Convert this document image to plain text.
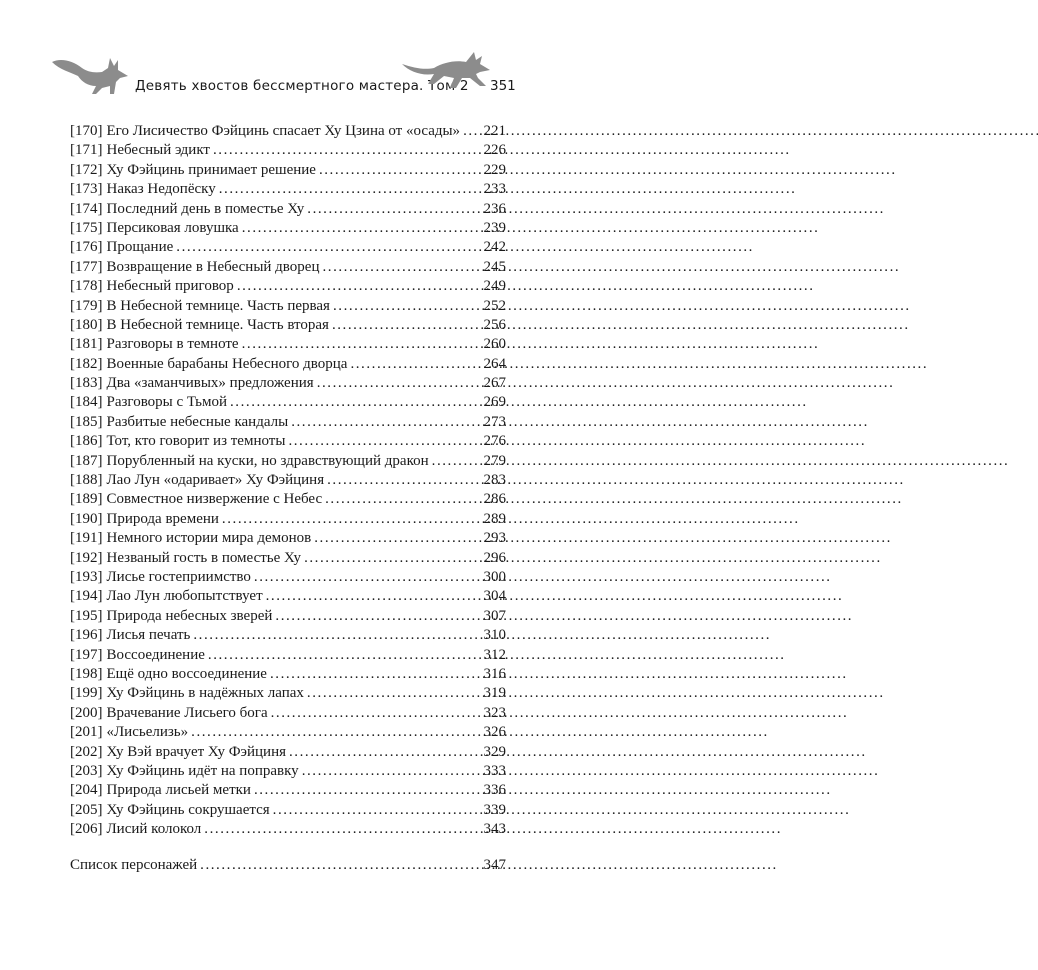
Девять хвостов бессмертного мастера. Том 2 351
[170] Его Лисичество Фэйцинь спасает Ху Цзина от «осады» . . . 221
[171] Небесный эдикт . . .	226
[172] Ху Фэйцинь принимает решение . . .	229
[173] Наказ Недопёску . . .	233
[174] Последний день в поместье Ху . . .	236
[175] Персиковая ловушка . . .	239
[176] Прощание . . .	242
[177] Возвращение в Небесный дворец . . .	245
[178] Небесный приговор . . .	249
[179] В Небесной темнице. Часть первая . . .	252
[180] В Небесной темнице. Часть вторая . . .	256
[181] Разговоры в темноте . . .	260
[182] Военные барабаны Небесного дворца . . .	264
[183] Два «заманчивых» предложения . . .	267
[184] Разговоры с Тьмой . . .	269
[185] Разбитые небесные кандалы . . .	273
[186] Тот, кто говорит из темноты . . .	276
[187] Порубленный на куски, но здравствующий дракон . . .	279
[188] Лао Лун «одаривает» Ху Фэйциня . . .	283
[189] Совместное низвержение с Небес . . .	286
[190] Природа времени . . .	289
[191] Немного истории мира демонов . . .	293
[192] Незваный гость в поместье Ху . . .	296
[193] Лисье гостеприимство . . .	300
[194] Лао Лун любопытствует . . .	304
[195] Природа небесных зверей . . .	307
[196] Лисья печать . . .	310
[197] Воссоединение . . .	312
[198] Ещё одно воссоединение . . .	316
[199] Ху Фэйцинь в надёжных лапах . . .	319
[200] Врачевание Лисьего бога . . .	323
[201] «Лисьелизь» . . .	326
[202] Ху Вэй врачует Ху Фэйциня . . .	329
[203] Ху Фэйцинь идёт на поправку . . .	333
[204] Природа лисьей метки . . .	336
[205] Ху Фэйцинь сокрушается . . .	339
[206] Лисий колокол . . .	343
Список персонажей . . .	347
